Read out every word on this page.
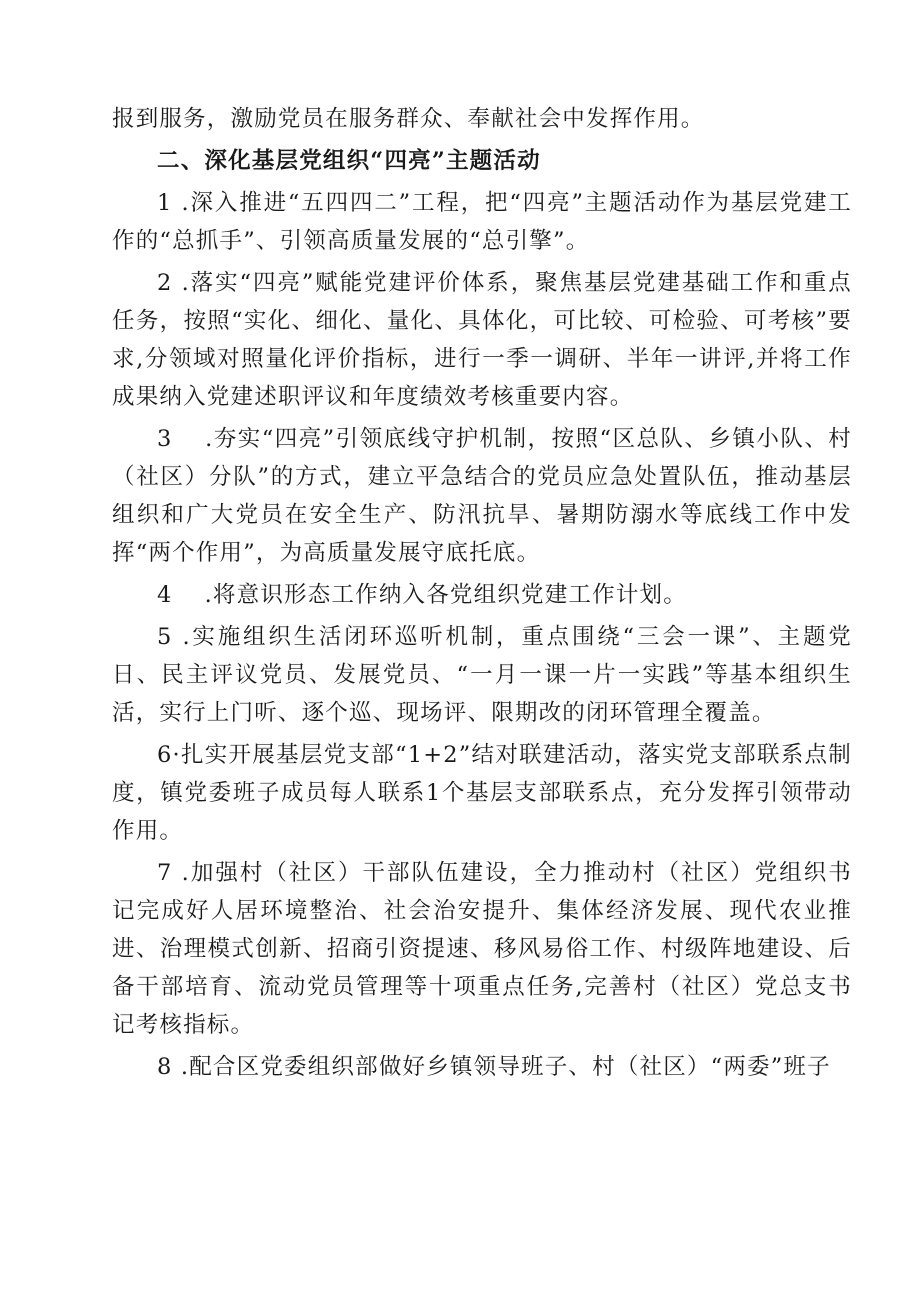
报到服务，激励党员在服务群众、奉献社会中发挥作用。

二、深化基层党组织“四亮”主题活动

1 .深入推进“五四四二”工程，把“四亮”主题活动作为基层党建工作的“总抓手”、引领高质量发展的“总引擎”。

2 .落实“四亮”赋能党建评价体系，聚焦基层党建基础工作和重点任务，按照“实化、细化、量化、具体化，可比较、可检验、可考核”要求,分领域对照量化评价指标，进行一季一调研、半年一讲评,并将工作成果纳入党建述职评议和年度绩效考核重要内容。

3 　.夯实“四亮”引领底线守护机制，按照“区总队、乡镇小队、村（社区）分队”的方式，建立平急结合的党员应急处置队伍，推动基层组织和广大党员在安全生产、防汛抗旱、暑期防溺水等底线工作中发挥“两个作用”，为高质量发展守底托底。

4 　.将意识形态工作纳入各党组织党建工作计划。

5 .实施组织生活闭环巡听机制，重点围绕“三会一课”、主题党日、民主评议党员、发展党员、“一月一课一片一实践”等基本组织生活，实行上门听、逐个巡、现场评、限期改的闭环管理全覆盖。

6·扎实开展基层党支部“1+2”结对联建活动，落实党支部联系点制度，镇党委班子成员每人联系1个基层支部联系点，充分发挥引领带动作用。

7 .加强村（社区）干部队伍建设，全力推动村（社区）党组织书记完成好人居环境整治、社会治安提升、集体经济发展、现代农业推进、治理模式创新、招商引资提速、移风易俗工作、村级阵地建设、后备干部培育、流动党员管理等十项重点任务,完善村（社区）党总支书记考核指标。

8 .配合区党委组织部做好乡镇领导班子、村（社区）“两委”班子
